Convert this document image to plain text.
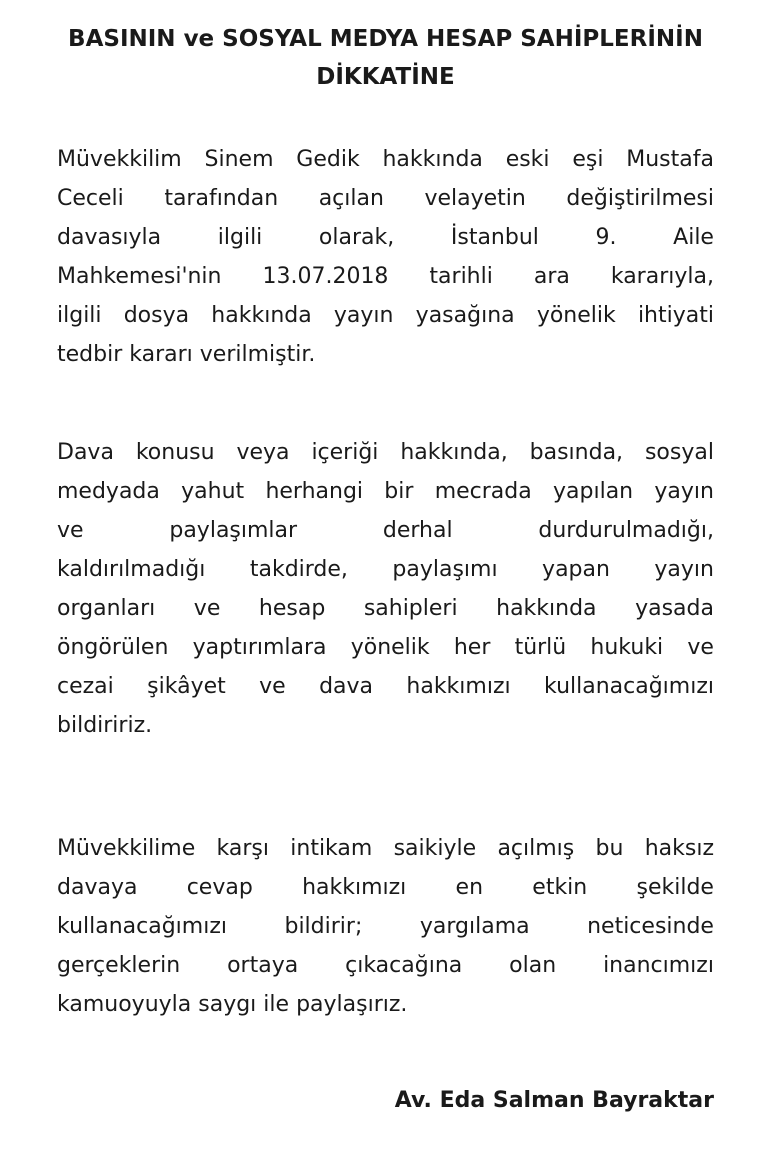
BASININ ve SOSYAL MEDYA HESAP SAHİPLERİNİN
DİKKATİNE
Müvekkilim Sinem Gedik hakkında eski eşi Mustafa
Ceceli tarafından açılan velayetin değiştirilmesi
davasıyla	ilgili	olarak,	İstanbul	9.	Aile
Mahkemesi'nin 13.07.2018 tarihli ara kararıyla,
ilgili dosya hakkında yayın yasağına yönelik ihtiyati
tedbir kararı verilmiştir.
Dava konusu veya içeriği hakkında, basında, sosyal
medyada yahut herhangi bir mecrada yapılan yayın
ve	paylaşımlar	derhal	durdurulmadığı,
kaldırılmadığı takdirde, paylaşımı yapan yayın
organları ve hesap sahipleri hakkında yasada
öngörülen yaptırımlara yönelik her türlü hukuki ve
cezai şikâyet ve dava hakkımızı kullanacağımızı
bildiririz.
Müvekkilime karşı intikam saikiyle açılmış bu haksız
davaya cevap hakkımızı en etkin şekilde
kullanacağımızı	bildirir;	yargılama	neticesinde
gerçeklerin ortaya çıkacağına olan inancımızı
kamuoyuyla saygı ile paylaşırız.
Av. Eda Salman Bayraktar
